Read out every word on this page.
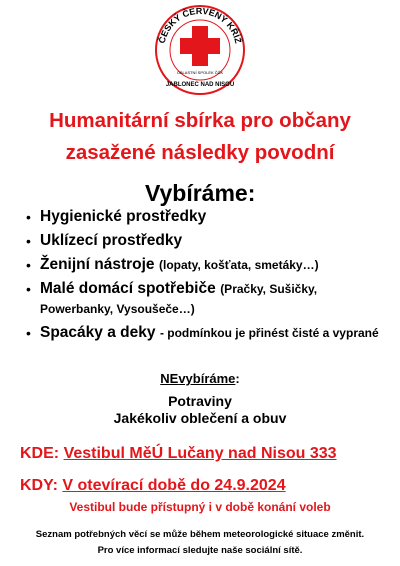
ČESKÝ ČERVENÝ KŘÍŽ
OBLASTNÍ SPOLEK ČČK
JABLONEC NAD NISOU
Humanitární sbírka pro občany
zasažené následky povodní
Vybíráme:
• Hygienické prostředky
• Uklízecí prostředky
• Ženijní nástroje (lopaty, košťata, smetáky…)
• Malé domácí spotřebiče (Pračky, Sušičky, Powerbanky, Vysoušeče…)
• Spacáky a deky - podmínkou je přinést čisté a vyprané
NEvybíráme:
Potraviny
Jakékoliv oblečení a obuv
KDE: Vestibul MěÚ Lučany nad Nisou 333
KDY: V otevírací době do 24.9.2024
Vestibul bude přístupný i v době konání voleb
Seznam potřebných věcí se může během meteorologické situace změnit.
Pro více informací sledujte naše sociální sítě.
